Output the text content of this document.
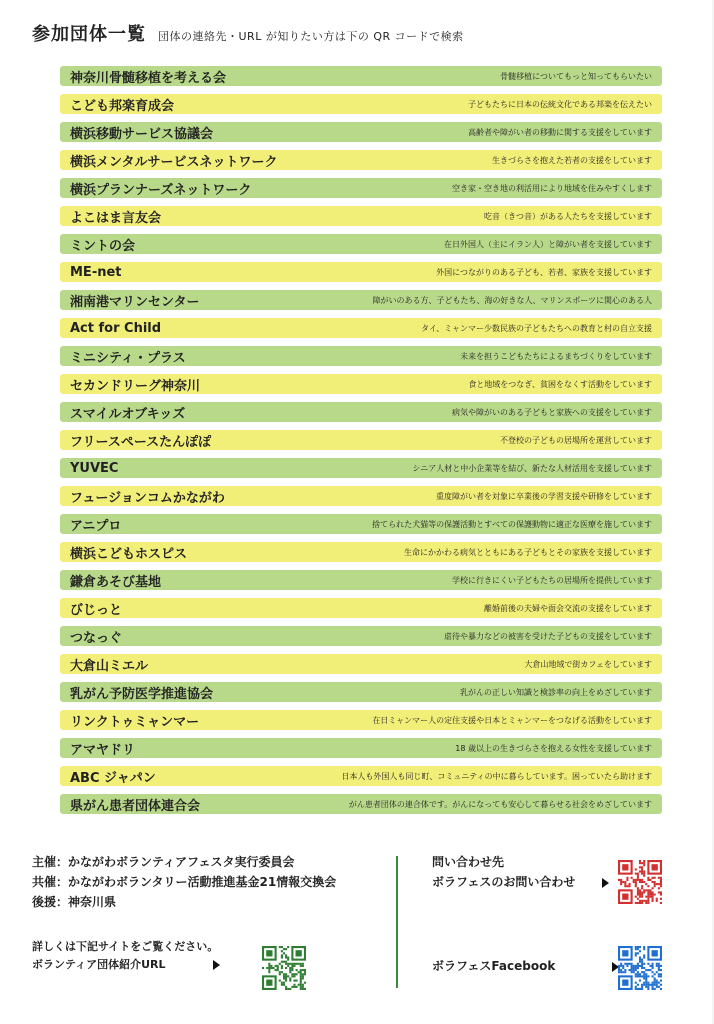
参加団体一覧 団体の連絡先・URL が知りたい方は下の QR コードで検索
神奈川骨髄移植を考える会	骨髄移植についてもっと知ってもらいたい
こども邦楽育成会	子どもたちに日本の伝統文化である邦楽を伝えたい
横浜移動サービス協議会	高齢者や障がい者の移動に関する支援をしています
横浜メンタルサービスネットワーク	生きづらさを抱えた若者の支援をしています
横浜プランナーズネットワーク	空き家・空き地の利活用により地域を住みやすくします
よこはま言友会	吃音（きつ音）がある人たちを支援しています
ミントの会	在日外国人（主にイラン人）と障がい者を支援しています
ME-net	外国につながりのある子ども、若者、家族を支援しています
湘南港マリンセンター	障がいのある方、子どもたち、海の好きな人、マリンスポーツに関心のある人
Act for Child	タイ、ミャンマー少数民族の子どもたちへの教育と村の自立支援
ミニシティ・プラス	未来を担うこどもたちによるまちづくりをしています
セカンドリーグ神奈川	食と地域をつなぎ、貧困をなくす活動をしています
スマイルオブキッズ	病気や障がいのある子どもと家族への支援をしています
フリースペースたんぽぽ	不登校の子どもの居場所を運営しています
YUVEC	シニア人材と中小企業等を結び、新たな人材活用を支援しています
フュージョンコムかながわ	重度障がい者を対象に卒業後の学習支援や研修をしています
アニプロ	捨てられた犬猫等の保護活動とすべての保護動物に適正な医療を施しています
横浜こどもホスピス	生命にかかわる病気とともにある子どもとその家族を支援しています
鎌倉あそび基地	学校に行きにくい子どもたちの居場所を提供しています
びじっと	離婚前後の夫婦や面会交流の支援をしています
つなっぐ	虐待や暴力などの被害を受けた子どもの支援をしています
大倉山ミエル	大倉山地域で街カフェをしています
乳がん予防医学推進協会	乳がんの正しい知識と検診率の向上をめざしています
リンクトゥミャンマー	在日ミャンマー人の定住支援や日本とミャンマーをつなげる活動をしています
アマヤドリ	18 歳以上の生きづらさを抱える女性を支援しています
ABC ジャパン	日本人も外国人も同じ町、コミュニティの中に暮らしています。困っていたら助けます
県がん患者団体連合会	がん患者団体の連合体です。がんになっても安心して暮らせる社会をめざしています
主催：かながわボランティアフェスタ実行委員会
共催：かながわボランタリー活動推進基金21情報交換会
後援：神奈川県
詳しくは下記サイトをご覧ください。
ボランティア団体紹介URL
問い合わせ先
ボラフェスのお問い合わせ
ボラフェスFacebook
